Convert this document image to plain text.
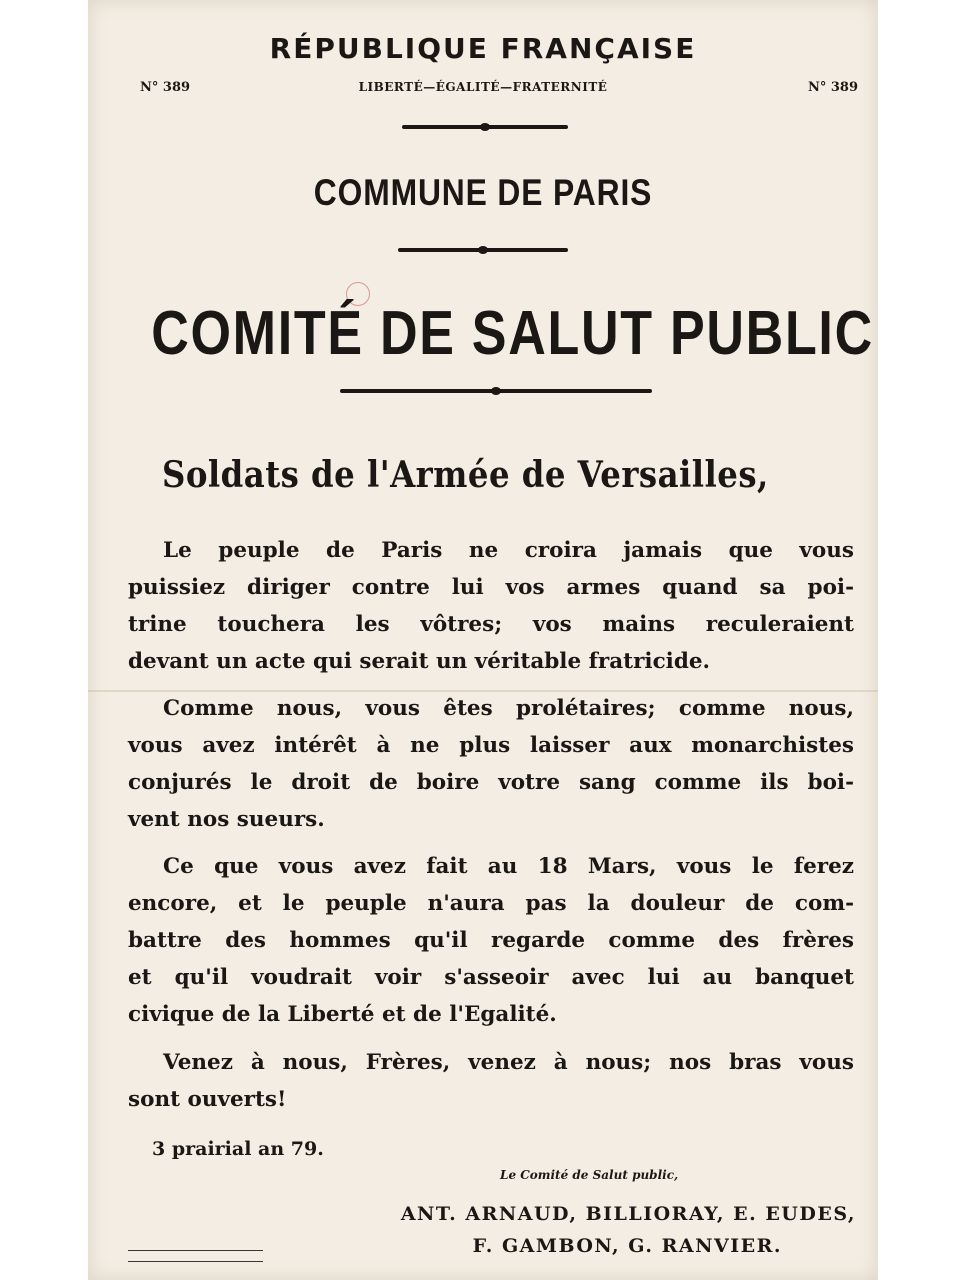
RÉPUBLIQUE FRANÇAISE
N° 389	LIBERTÉ—ÉGALITÉ—FRATERNITÉ	N° 389
COMMUNE DE PARIS
COMITÉ DE SALUT PUBLIC
Soldats de l'Armée de Versailles,
Le peuple de Paris ne croira jamais que vous
puissiez diriger contre lui vos armes quand sa poi-
trine touchera les vôtres; vos mains reculeraient
devant un acte qui serait un véritable fratricide.
Comme nous, vous êtes prolétaires; comme nous,
vous avez intérêt à ne plus laisser aux monarchistes
conjurés le droit de boire votre sang comme ils boi-
vent nos sueurs.
Ce que vous avez fait au 18 Mars, vous le ferez
encore, et le peuple n'aura pas la douleur de com-
battre des hommes qu'il regarde comme des frères
et qu'il voudrait voir s'asseoir avec lui au banquet
civique de la Liberté et de l'Egalité.
Venez à nous, Frères, venez à nous; nos bras vous
sont ouverts!
3 prairial an 79.
Le Comité de Salut public,
ANT. ARNAUD, BILLIORAY, E. EUDES,
F. GAMBON, G. RANVIER.
